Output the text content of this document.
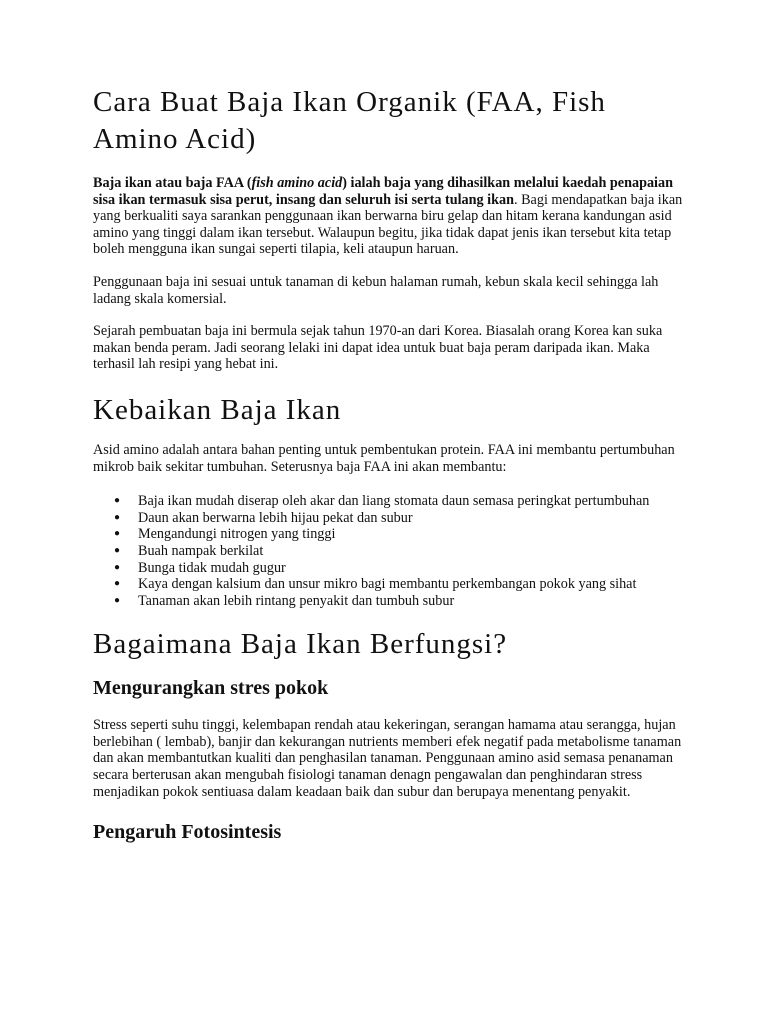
Cara Buat Baja Ikan Organik (FAA, Fish Amino Acid)

Baja ikan atau baja FAA (fish amino acid) ialah baja yang dihasilkan melalui kaedah penapaian sisa ikan termasuk sisa perut, insang dan seluruh isi serta tulang ikan. Bagi mendapatkan baja ikan yang berkualiti saya sarankan penggunaan ikan berwarna biru gelap dan hitam kerana kandungan asid amino yang tinggi dalam ikan tersebut. Walaupun begitu, jika tidak dapat jenis ikan tersebut kita tetap boleh mengguna ikan sungai seperti tilapia, keli ataupun haruan.

Penggunaan baja ini sesuai untuk tanaman di kebun halaman rumah, kebun skala kecil sehingga lah ladang skala komersial.

Sejarah pembuatan baja ini bermula sejak tahun 1970-an dari Korea. Biasalah orang Korea kan suka makan benda peram. Jadi seorang lelaki ini dapat idea untuk buat baja peram daripada ikan. Maka terhasil lah resipi yang hebat ini.

Kebaikan Baja Ikan

Asid amino adalah antara bahan penting untuk pembentukan protein. FAA ini membantu pertumbuhan mikrob baik sekitar tumbuhan. Seterusnya baja FAA ini akan membantu:

● Baja ikan mudah diserap oleh akar dan liang stomata daun semasa peringkat pertumbuhan
● Daun akan berwarna lebih hijau pekat dan subur
● Mengandungi nitrogen yang tinggi
● Buah nampak berkilat
● Bunga tidak mudah gugur
● Kaya dengan kalsium dan unsur mikro bagi membantu perkembangan pokok yang sihat
● Tanaman akan lebih rintang penyakit dan tumbuh subur
Bagaimana Baja Ikan Berfungsi?
Mengurangkan stres pokok

Stress seperti suhu tinggi, kelembapan rendah atau kekeringan, serangan hamama atau serangga, hujan berlebihan ( lembab), banjir dan kekurangan nutrients memberi efek negatif pada metabolisme tanaman dan akan membantutkan kualiti dan penghasilan tanaman. Penggunaan amino asid semasa penanaman secara berterusan akan mengubah fisiologi tanaman denagn pengawalan dan penghindaran stress menjadikan pokok sentiuasa dalam keadaan baik dan subur dan berupaya menentang penyakit.

Pengaruh Fotosintesis
